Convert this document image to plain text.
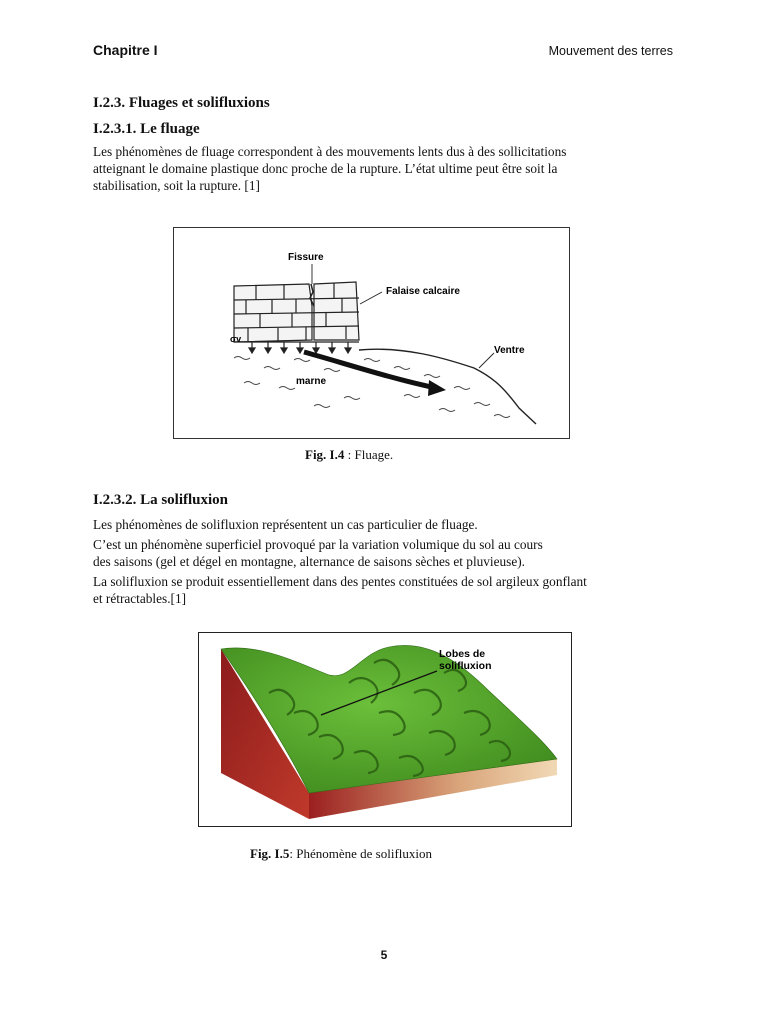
Chapitre I	Mouvement des terres
I.2.3. Fluages et solifluxions
I.2.3.1. Le fluage
Les phénomènes de fluage correspondent à des mouvements lents dus à des sollicitations
atteignant le domaine plastique donc proche de la rupture. L’état ultime peut être soit la
stabilisation, soit la rupture. [1]
Fissure
Falaise calcaire
Ventre
marne
σv
Fig. I.4 : Fluage.
I.2.3.2. La solifluxion
Les phénomènes de solifluxion représentent un cas particulier de fluage.
C’est un phénomène superficiel provoqué par la variation volumique du sol au cours
des saisons (gel et dégel en montagne, alternance de saisons sèches et pluvieuse).
La solifluxion se produit essentiellement dans des pentes constituées de sol argileux gonflant
et rétractables.[1]
Lobes de
solifluxion
Fig. I.5: Phénomène de solifluxion
5
